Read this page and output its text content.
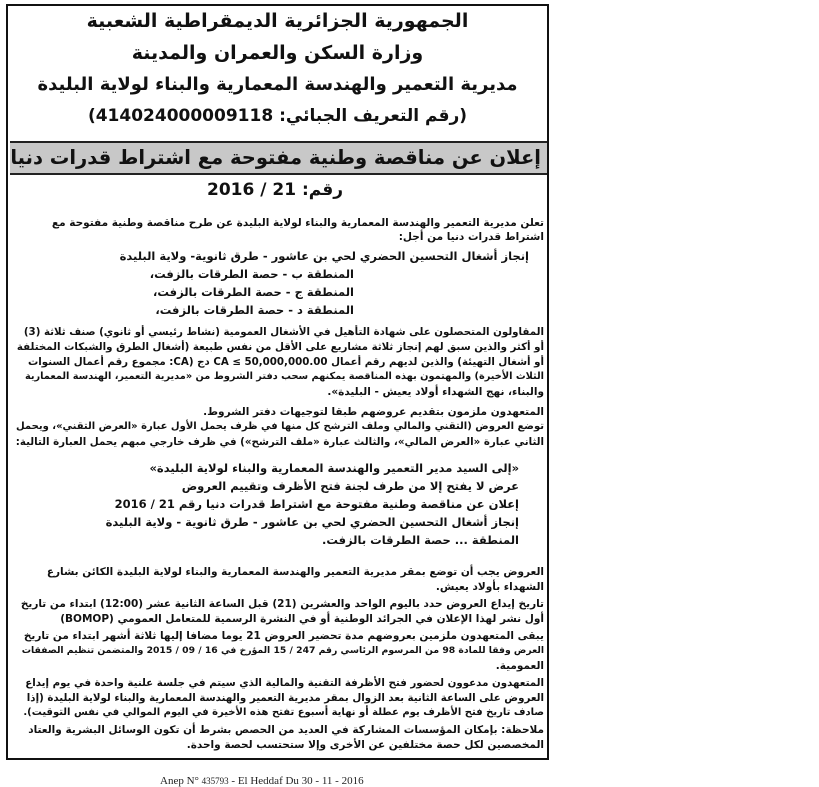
الجمهورية الجزائرية الديمقراطية الشعبية
وزارة السكن والعمران والمدينة
مديرية التعمير والهندسة المعمارية والبناء لولاية البليدة
(رقم التعريف الجبائي: 414024000009118)
إعلان عن مناقصة وطنية مفتوحة مع اشتراط قدرات دنيا
رقم: 21 / 2016
تعلن مديرية التعمير والهندسة المعمارية والبناء لولاية البليدة عن طرح مناقصة وطنية مفتوحة مع
اشتراط قدرات دنيا من أجل:
إنجاز أشغال التحسين الحضري لحي بن عاشور - طرق ثانوية- ولاية البليدة
المنطقة ب - حصة الطرقات بالزفت،
المنطقة ج - حصة الطرقات بالزفت،
المنطقة د - حصة الطرقات بالزفت،
المقاولون المتحصلون على شهادة التأهيل في الأشغال العمومية (نشاط رئيسي أو ثانوي) صنف ثلاثة (3)
أو أكثر والذين سبق لهم إنجاز ثلاثة مشاريع على الأقل من نفس طبيعة (أشغال الطرق والشبكات المختلفة
أو أشغال التهيئة) والذين لديهم رقم أعمال CA ≤ 50,000,000.00 دج (CA: مجموع رقم أعمال السنوات
الثلاث الأخيرة) والمهتمون بهذه المناقصة يمكنهم سحب دفتر الشروط من «مديرية التعمير، الهندسة المعمارية
والبناء، نهج الشهداء أولاد يعيش - البليدة».
المتعهدون ملزمون بتقديم عروضهم طبقا لتوجيهات دفتر الشروط.
توضع العروض (التقني والمالي وملف الترشح كل منها في ظرف يحمل الأول عبارة «العرض التقني»، ويحمل
الثاني عبارة «العرض المالي»، والثالث عبارة «ملف الترشح») في ظرف خارجي مبهم يحمل العبارة التالية:
«إلى السيد مدير التعمير والهندسة المعمارية والبناء لولاية البليدة»
عرض لا يفتح إلا من طرف لجنة فتح الأظرف وتقييم العروض
إعلان عن مناقصة وطنية مفتوحة مع اشتراط قدرات دنيا رقم 21 / 2016
إنجاز أشغال التحسين الحضري لحي بن عاشور - طرق ثانوية - ولاية البليدة
المنطقة ... حصة الطرقات بالزفت.
العروض يجب أن توضع بمقر مديرية التعمير والهندسة المعمارية والبناء لولاية البليدة الكائن بشارع
الشهداء بأولاد يعيش.
تاريخ إيداع العروض حدد باليوم الواحد والعشرين (21) قبل الساعة الثانية عشر (12:00) ابتداء من تاريخ
أول نشر لهذا الإعلان في الجرائد الوطنية أو في النشرة الرسمية للمتعامل العمومي (BOMOP)
يبقى المتعهدون ملزمين بعروضهم مدة تحضير العروض 21 يوما مضافا إليها ثلاثة أشهر ابتداء من تاريخ
العرض وفقا للمادة 98 من المرسوم الرئاسي رقم 247 / 15 المؤرخ في 16 / 09 / 2015 والمتضمن تنظيم الصفقات
العمومية.
المتعهدون مدعوون لحضور فتح الأظرفة التقنية والمالية الذي سيتم في جلسة علنية واحدة في يوم إيداع
العروض على الساعة الثانية بعد الزوال بمقر مديرية التعمير والهندسة المعمارية والبناء لولاية البليدة (إذا
صادف تاريخ فتح الأظرف يوم عطلة أو نهاية أسبوع تفتح هذه الأخيرة في اليوم الموالي في نفس التوقيت).
ملاحظة: بإمكان المؤسسات المشاركة في العديد من الحصص بشرط أن تكون الوسائل البشرية والعتاد
المخصصين لكل حصة مختلفين عن الأخرى وإلا ستحتسب لحصة واحدة.
Anep N° 435793 - El Heddaf Du 30 - 11 - 2016
